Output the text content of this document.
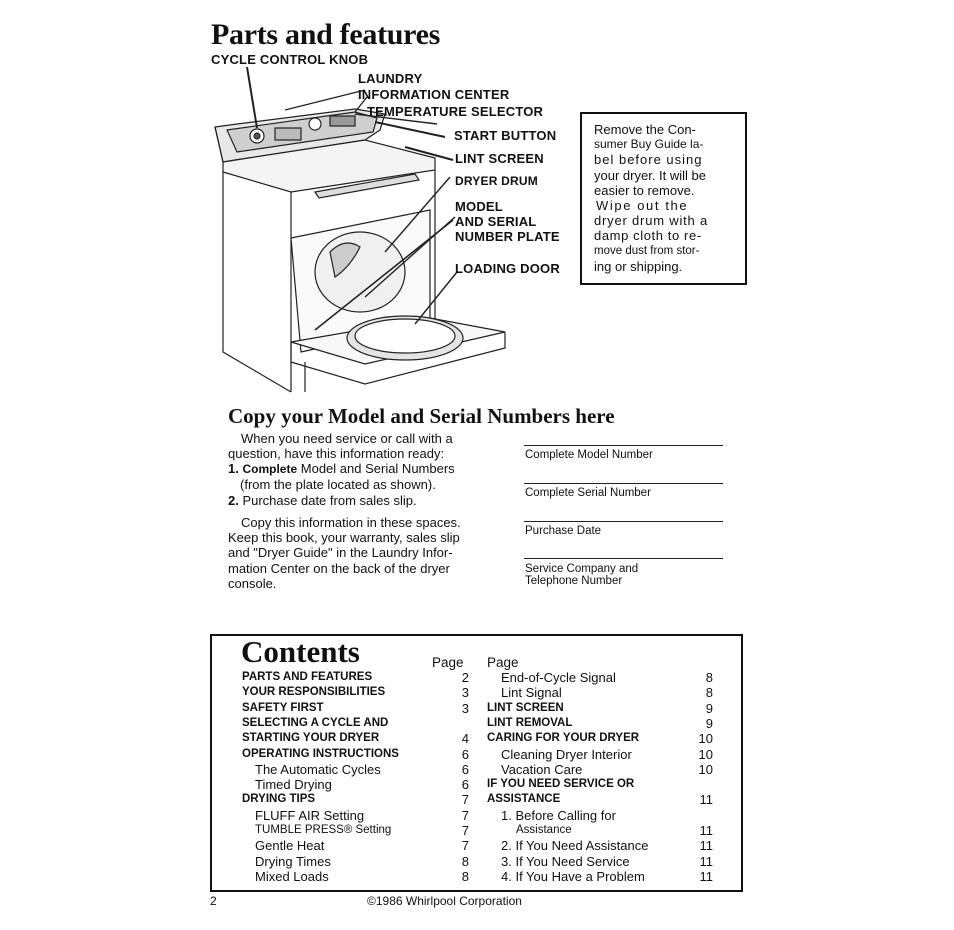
Parts and features
CYCLE CONTROL KNOB
LAUNDRY
INFORMATION CENTER
TEMPERATURE SELECTOR
START BUTTON
LINT SCREEN
DRYER DRUM
MODEL
AND SERIAL
NUMBER PLATE
LOADING DOOR
Remove the Con-
sumer Buy Guide la-
bel before using
your dryer. It will be
easier to remove.
Wipe out the
dryer drum with a
damp cloth to re-
move dust from stor-
ing or shipping.
Copy your Model and Serial Numbers here
When you need service or call with a
question, have this information ready:
1. Complete Model and Serial Numbers
(from the plate located as shown).
2. Purchase date from sales slip.
Copy this information in these spaces.
Keep this book, your warranty, sales slip
and "Dryer Guide" in the Laundry Infor-
mation Center on the back of the dryer
console.
Complete Model Number
Complete Serial Number
Purchase Date
Service Company and
Telephone Number
Contents	Page Page
2	©1986 Whirlpool Corporation
PARTS AND FEATURES	2
YOUR RESPONSIBILITIES	3
SAFETY FIRST	3
SELECTING A CYCLE AND
STARTING YOUR DRYER	4
OPERATING INSTRUCTIONS	6
The Automatic Cycles	6
Timed Drying	6
DRYING TIPS	7
FLUFF AIR Setting	7
TUMBLE PRESS® Setting	7
Gentle Heat	7
Drying Times	8
Mixed Loads	8
End-of-Cycle Signal	8
Lint Signal	8
LINT SCREEN	9
LINT REMOVAL	9
CARING FOR YOUR DRYER	10
Cleaning Dryer Interior	10
Vacation Care	10
IF YOU NEED SERVICE OR
ASSISTANCE	11
1. Before Calling for
Assistance	11
2. If You Need Assistance	11
3. If You Need Service	11
4. If You Have a Problem	11
